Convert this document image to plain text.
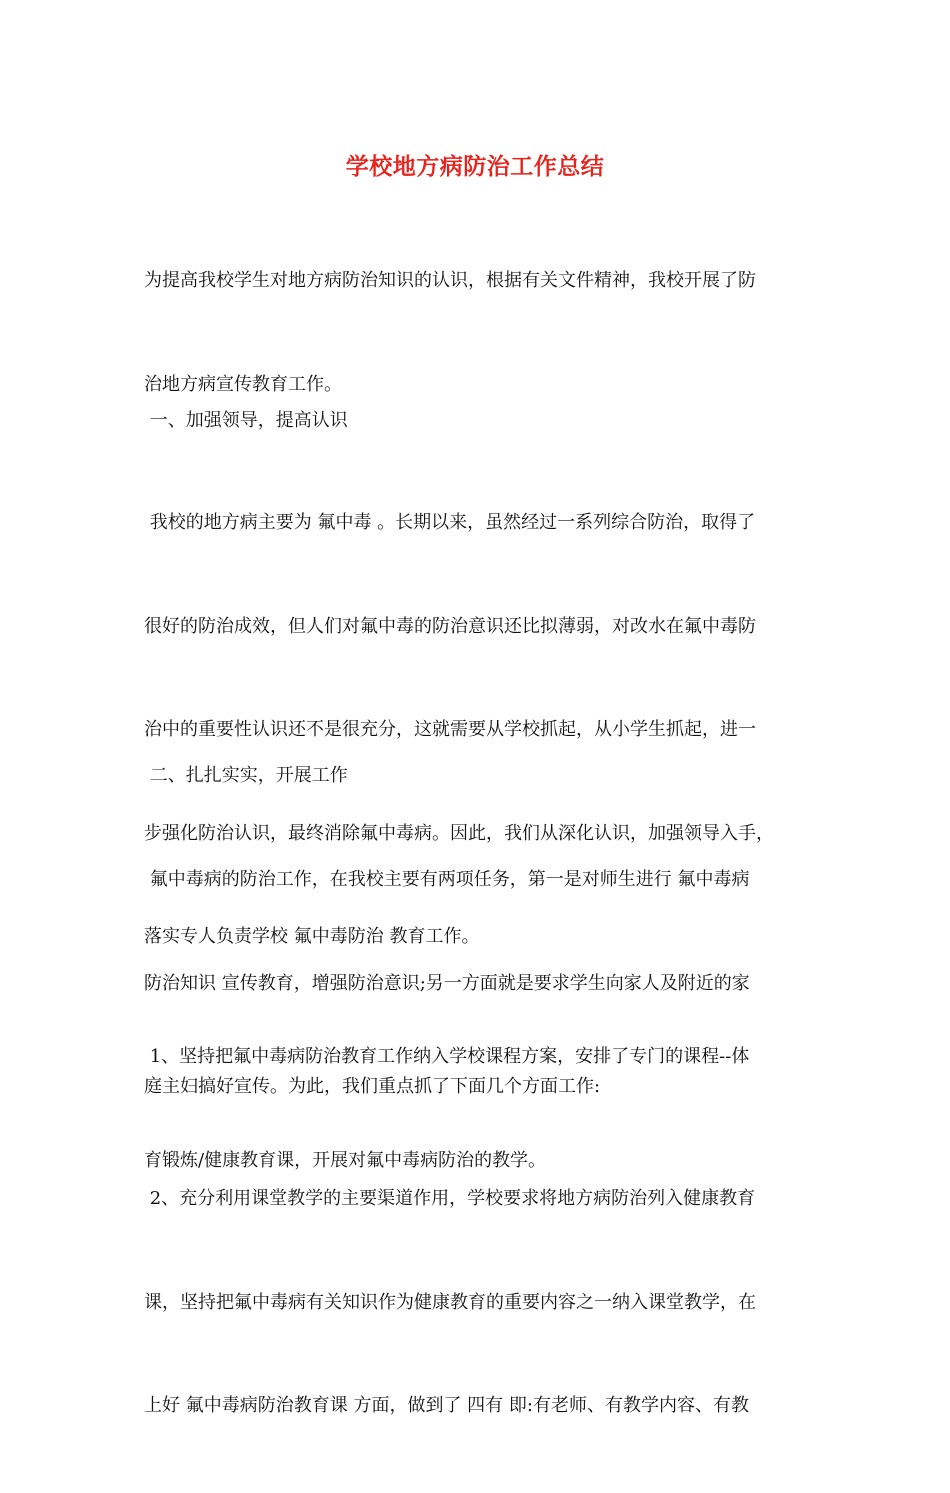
学校地方病防治工作总结

为提高我校学生对地方病防治知识的认识，根据有关文件精神，我校开展了防

治地方病宣传教育工作。

一、加强领导，提高认识

我校的地方病主要为 氟中毒 。长期以来，虽然经过一系列综合防治，取得了

很好的防治成效，但人们对氟中毒的防治意识还比拟薄弱，对改水在氟中毒防

治中的重要性认识还不是很充分，这就需要从学校抓起，从小学生抓起，进一

步强化防治认识，最终消除氟中毒病。因此，我们从深化认识，加强领导入手，

落实专人负责学校 氟中毒防治 教育工作。

二、扎扎实实，开展工作

氟中毒病的防治工作，在我校主要有两项任务，第一是对师生进行 氟中毒病

防治知识 宣传教育，增强防治意识;另一方面就是要求学生向家人及附近的家

庭主妇搞好宣传。为此，我们重点抓了下面几个方面工作:

1、坚持把氟中毒病防治教育工作纳入学校课程方案，安排了专门的课程--体

育锻炼/健康教育课，开展对氟中毒病防治的教学。

2、充分利用课堂教学的主要渠道作用，学校要求将地方病防治列入健康教育

课，坚持把氟中毒病有关知识作为健康教育的重要内容之一纳入课堂教学，在

上好 氟中毒病防治教育课 方面，做到了 四有 即:有老师、有教学内容、有教
